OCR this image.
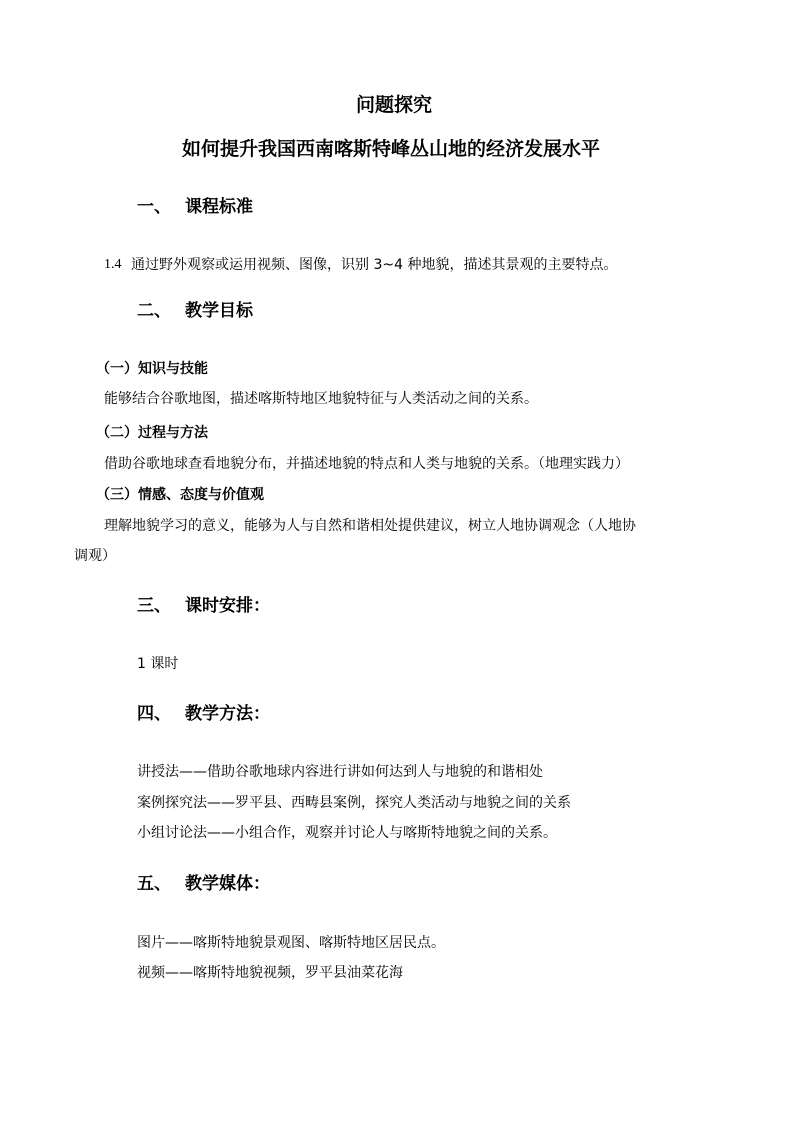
问题探究
如何提升我国西南喀斯特峰丛山地的经济发展水平
一、 课程标准
1.4 通过野外观察或运用视频、图像，识别 3~4 种地貌，描述其景观的主要特点。
二、 教学目标
（一）知识与技能
能够结合谷歌地图，描述喀斯特地区地貌特征与人类活动之间的关系。
（二）过程与方法
借助谷歌地球查看地貌分布，并描述地貌的特点和人类与地貌的关系。（地理实践力）
（三）情感、态度与价值观
理解地貌学习的意义，能够为人与自然和谐相处提供建议，树立人地协调观念（人地协
调观）
三、 课时安排：
1 课时
四、 教学方法：
讲授法——借助谷歌地球内容进行讲如何达到人与地貌的和谐相处
案例探究法——罗平县、西畴县案例，探究人类活动与地貌之间的关系
小组讨论法——小组合作，观察并讨论人与喀斯特地貌之间的关系。
五、 教学媒体：
图片——喀斯特地貌景观图、喀斯特地区居民点。
视频——喀斯特地貌视频，罗平县油菜花海
